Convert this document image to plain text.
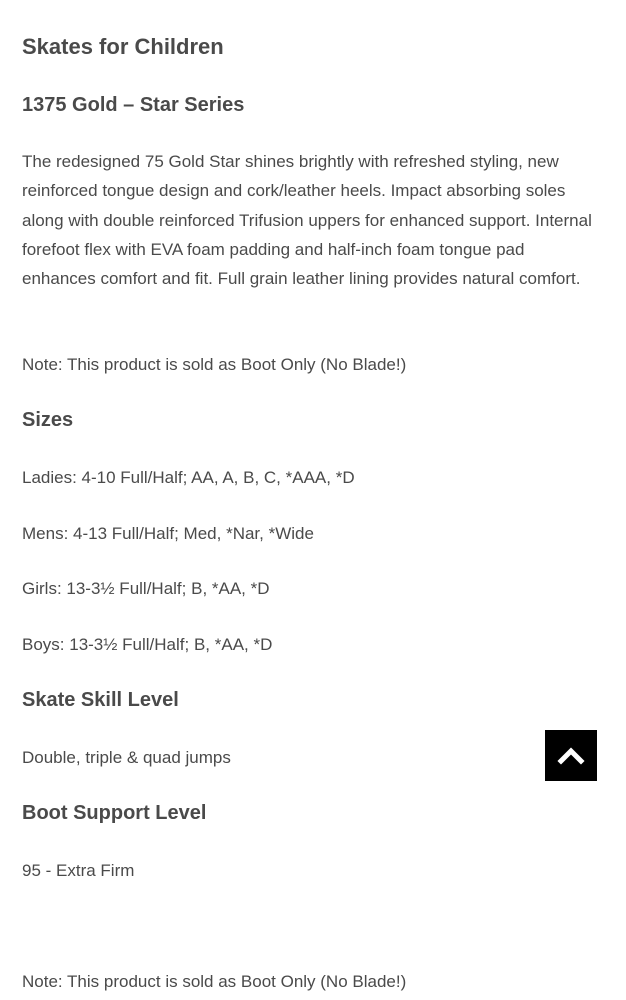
Skates for Children
1375 Gold – Star Series

The redesigned 75 Gold Star shines brightly with refreshed styling, new reinforced tongue design and cork/leather heels. Impact absorbing soles along with double reinforced Trifusion uppers for enhanced support. Internal forefoot flex with EVA foam padding and half-inch foam tongue pad enhances comfort and fit. Full grain leather lining provides natural comfort.

Note: This product is sold as Boot Only (No Blade!)

Sizes

Ladies: 4-10 Full/Half; AA, A, B, C, *AAA, *D

Mens: 4-13 Full/Half; Med, *Nar, *Wide

Girls: 13-3½ Full/Half; B, *AA, *D

Boys: 13-3½ Full/Half; B, *AA, *D

Skate Skill Level

Double, triple & quad jumps

Boot Support Level

95 - Extra Firm

Note: This product is sold as Boot Only (No Blade!)
